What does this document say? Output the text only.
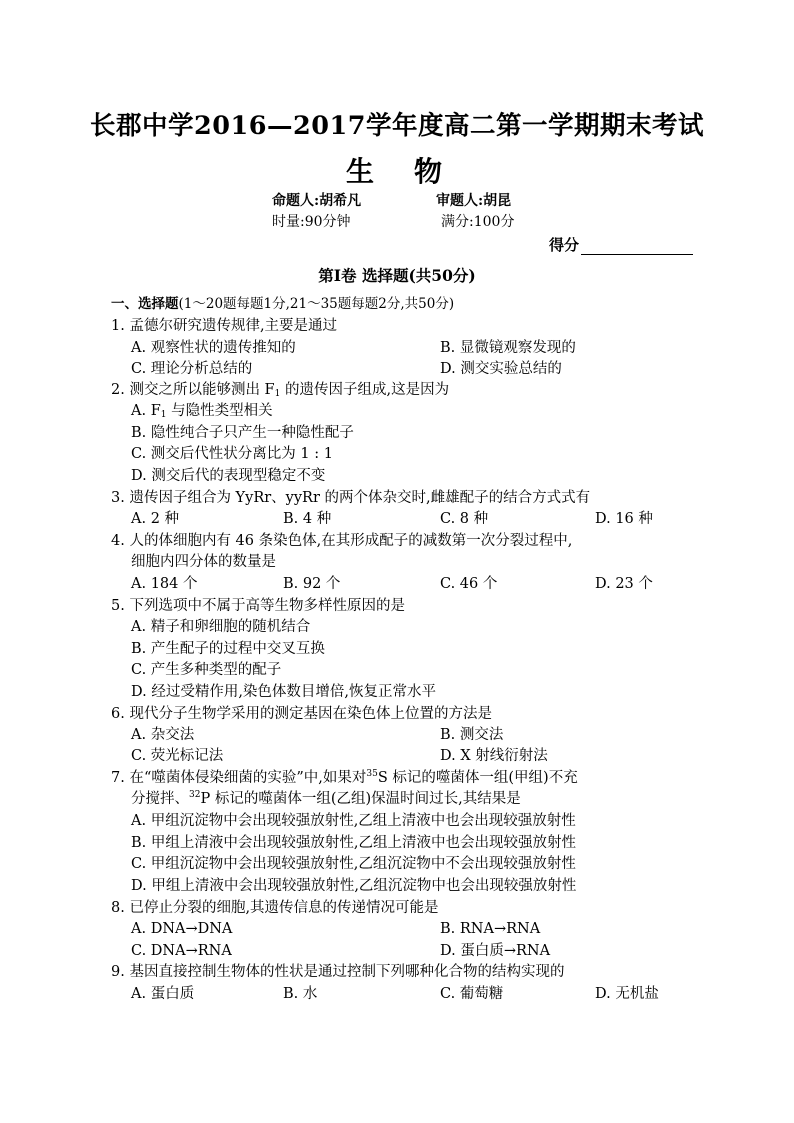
长郡中学2016—2017学年度高二第一学期期末考试
生物
命题人:胡希凡	审题人:胡昆
时量:90分钟	满分:100分
得分
第Ⅰ卷 选择题(共50分)
一、选择题(1～20题每题1分,21～35题每题2分,共50分)
1. 孟德尔研究遗传规律,主要是通过
A. 观察性状的遗传推知的	B. 显微镜观察发现的
C. 理论分析总结的	D. 测交实验总结的
2. 测交之所以能够测出 $F_1$ 的遗传因子组成,这是因为
A. $F_1$ 与隐性类型相关
B. 隐性纯合子只产生一种隐性配子
C. 测交后代性状分离比为 1 : 1
D. 测交后代的表现型稳定不变
3. 遗传因子组合为 YyRr、yyRr 的两个体杂交时,雌雄配子的结合方式式有
A. 2 种	B. 4 种	C. 8 种	D. 16 种
4. 人的体细胞内有 46 条染色体,在其形成配子的减数第一次分裂过程中,
细胞内四分体的数量是
A. 184 个	B. 92 个	C. 46 个	D. 23 个
5. 下列选项中不属于高等生物多样性原因的是
A. 精子和卵细胞的随机结合
B. 产生配子的过程中交叉互换
C. 产生多种类型的配子
D. 经过受精作用,染色体数目增倍,恢复正常水平
6. 现代分子生物学采用的测定基因在染色体上位置的方法是
A. 杂交法	B. 测交法
C. 荧光标记法	D. X 射线衍射法
7. 在“噬菌体侵染细菌的实验”中,如果对$^{35}$S 标记的噬菌体一组(甲组)不充
分搅拌、$^{32}$P 标记的噬菌体一组(乙组)保温时间过长,其结果是
A. 甲组沉淀物中会出现较强放射性,乙组上清液中也会出现较强放射性
B. 甲组上清液中会出现较强放射性,乙组上清液中也会出现较强放射性
C. 甲组沉淀物中会出现较强放射性,乙组沉淀物中不会出现较强放射性
D. 甲组上清液中会出现较强放射性,乙组沉淀物中也会出现较强放射性
8. 已停止分裂的细胞,其遗传信息的传递情况可能是
A. DNA→DNA	B. RNA→RNA
C. DNA→RNA	D. 蛋白质→RNA
9. 基因直接控制生物体的性状是通过控制下列哪种化合物的结构实现的
A. 蛋白质	B. 水	C. 葡萄糖	D. 无机盐
